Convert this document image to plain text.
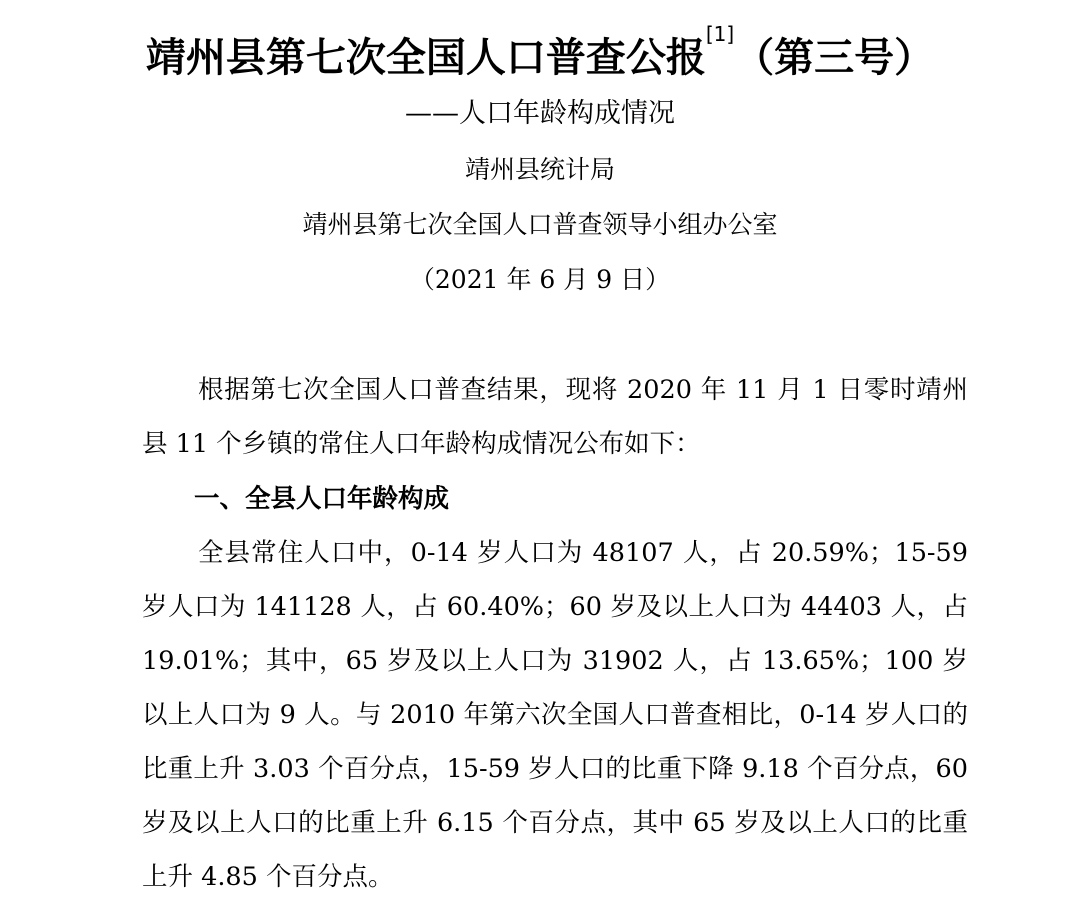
靖州县第七次全国人口普查公报[1]（第三号）
——人口年龄构成情况
靖州县统计局
靖州县第七次全国人口普查领导小组办公室
（2021 年 6 月 9 日）
根据第七次全国人口普查结果，现将 2020 年 11 月 1 日零时靖州县 11 个乡镇的常住人口年龄构成情况公布如下：
一、全县人口年龄构成
全县常住人口中，0-14 岁人口为 48107 人，占 20.59%；15-59 岁人口为 141128 人，占 60.40%；60 岁及以上人口为 44403 人，占 19.01%；其中，65 岁及以上人口为 31902 人，占 13.65%；100 岁以上人口为 9 人。与 2010 年第六次全国人口普查相比，0-14 岁人口的比重上升 3.03 个百分点，15-59 岁人口的比重下降 9.18 个百分点，60 岁及以上人口的比重上升 6.15 个百分点，其中 65 岁及以上人口的比重上升 4.85 个百分点。
